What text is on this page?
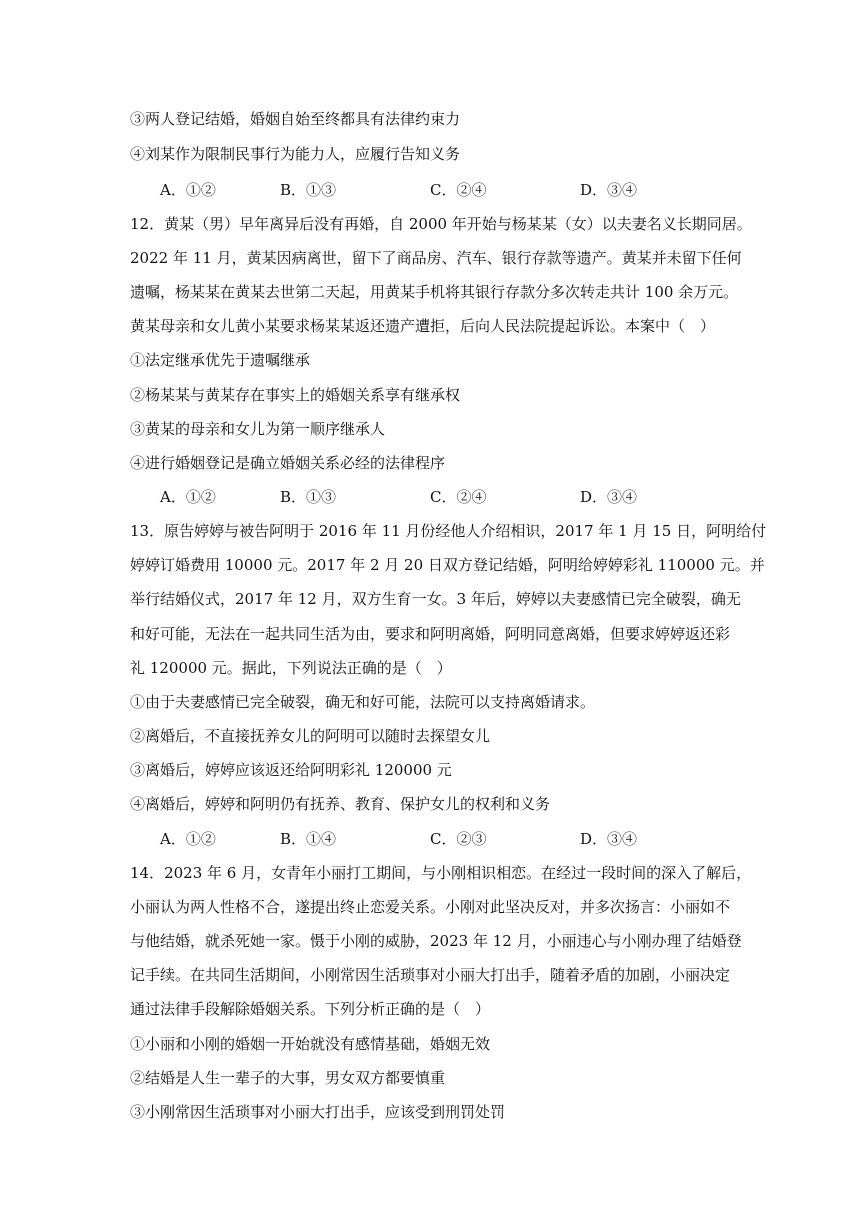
③两人登记结婚，婚姻自始至终都具有法律约束力
④刘某作为限制民事行为能力人，应履行告知义务
A．①②	B．①③	C．②④	D．③④
12．黄某（男）早年离异后没有再婚，自 2000 年开始与杨某某（女）以夫妻名义长期同居。
2022 年 11 月，黄某因病离世，留下了商品房、汽车、银行存款等遗产。黄某并未留下任何
遗嘱，杨某某在黄某去世第二天起，用黄某手机将其银行存款分多次转走共计 100 余万元。
黄某母亲和女儿黄小某要求杨某某返还遗产遭拒，后向人民法院提起诉讼。本案中（　）
①法定继承优先于遗嘱继承
②杨某某与黄某存在事实上的婚姻关系享有继承权
③黄某的母亲和女儿为第一顺序继承人
④进行婚姻登记是确立婚姻关系必经的法律程序
A．①②	B．①③	C．②④	D．③④
13．原告婷婷与被告阿明于 2016 年 11 月份经他人介绍相识，2017 年 1 月 15 日，阿明给付
婷婷订婚费用 10000 元。2017 年 2 月 20 日双方登记结婚，阿明给婷婷彩礼 110000 元。并
举行结婚仪式，2017 年 12 月，双方生育一女。3 年后，婷婷以夫妻感情已完全破裂，确无
和好可能，无法在一起共同生活为由，要求和阿明离婚，阿明同意离婚，但要求婷婷返还彩
礼 120000 元。据此，下列说法正确的是（　）
①由于夫妻感情已完全破裂，确无和好可能，法院可以支持离婚请求。
②离婚后，不直接抚养女儿的阿明可以随时去探望女儿
③离婚后，婷婷应该返还给阿明彩礼 120000 元
④离婚后，婷婷和阿明仍有抚养、教育、保护女儿的权利和义务
A．①②	B．①④	C．②③	D．③④
14．2023 年 6 月，女青年小丽打工期间，与小刚相识相恋。在经过一段时间的深入了解后，
小丽认为两人性格不合，遂提出终止恋爱关系。小刚对此坚决反对，并多次扬言：小丽如不
与他结婚，就杀死她一家。慑于小刚的威胁，2023 年 12 月，小丽违心与小刚办理了结婚登
记手续。在共同生活期间，小刚常因生活琐事对小丽大打出手，随着矛盾的加剧，小丽决定
通过法律手段解除婚姻关系。下列分析正确的是（　）
①小丽和小刚的婚姻一开始就没有感情基础，婚姻无效
②结婚是人生一辈子的大事，男女双方都要慎重
③小刚常因生活琐事对小丽大打出手，应该受到刑罚处罚
